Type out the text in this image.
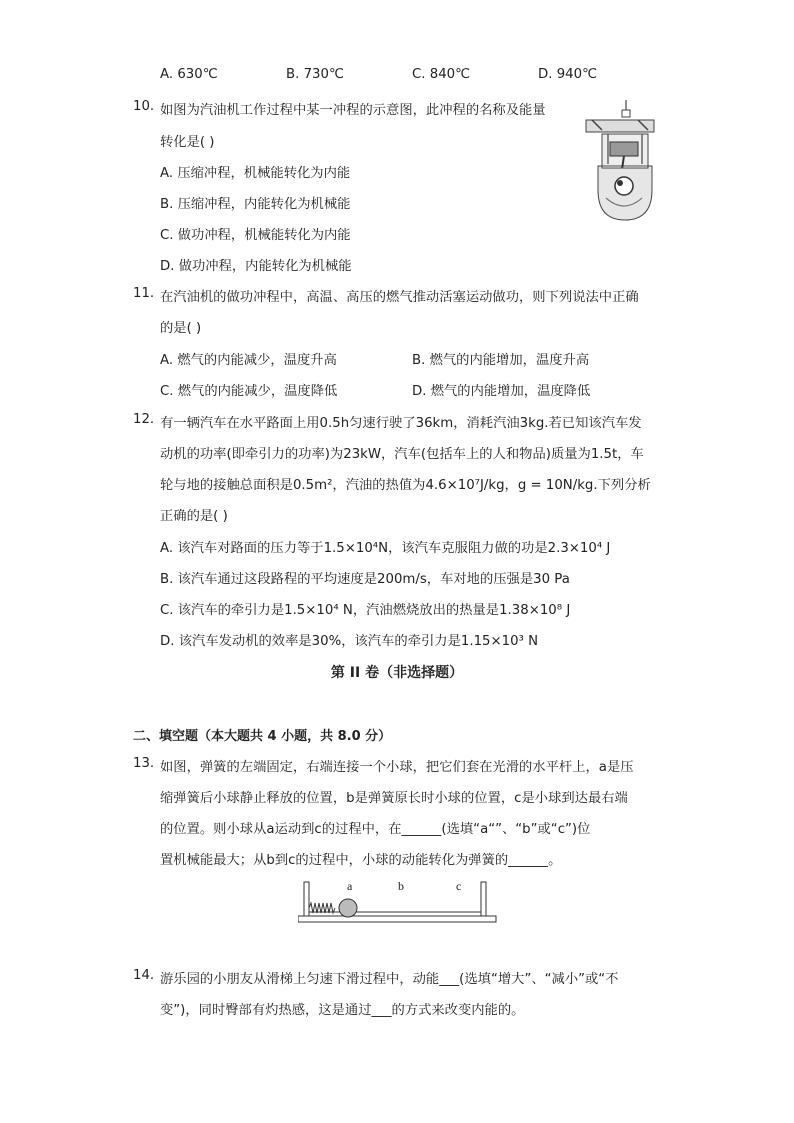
A. 630℃	B. 730℃	C. 840℃	D. 940℃
10. 如图为汽油机工作过程中某一冲程的示意图，此冲程的名称及能量
转化是( )
A. 压缩冲程，机械能转化为内能
B. 压缩冲程，内能转化为机械能
C. 做功冲程，机械能转化为内能
D. 做功冲程，内能转化为机械能
11. 在汽油机的做功冲程中，高温、高压的燃气推动活塞运动做功，则下列说法中正确
的是( )
A. 燃气的内能减少，温度升高	B. 燃气的内能增加，温度升高
C. 燃气的内能减少，温度降低	D. 燃气的内能增加，温度降低
12. 有一辆汽车在水平路面上用0.5h匀速行驶了36km，消耗汽油3kg.若已知该汽车发
动机的功率(即牵引力的功率)为23kW，汽车(包括车上的人和物品)质量为1.5t，车
轮与地的接触总面积是0.5m²，汽油的热值为4.6×10⁷J/kg，g = 10N/kg.下列分析
正确的是( )
A. 该汽车对路面的压力等于1.5×10⁴N，该汽车克服阻力做的功是2.3×10⁴ J
B. 该汽车通过这段路程的平均速度是200m/s，车对地的压强是30 Pa
C. 该汽车的牵引力是1.5×10⁴ N，汽油燃烧放出的热量是1.38×10⁸ J
D. 该汽车发动机的效率是30%，该汽车的牵引力是1.15×10³ N
第 II 卷（非选择题）
二、填空题（本大题共 4 小题，共 8.0 分）
13. 如图，弹簧的左端固定，右端连接一个小球，把它们套在光滑的水平杆上，a是压
缩弹簧后小球静止释放的位置，b是弹簧原长时小球的位置，c是小球到达最右端
的位置。则小球从a运动到c的过程中，在______(选填“a“”、“b”或“c”)位
置机械能最大；从b到c的过程中，小球的动能转化为弹簧的______。
a	b	c
14. 游乐园的小朋友从滑梯上匀速下滑过程中，动能___(选填“增大”、“减小”或“不
变”)，同时臀部有灼热感，这是通过___的方式来改变内能的。
